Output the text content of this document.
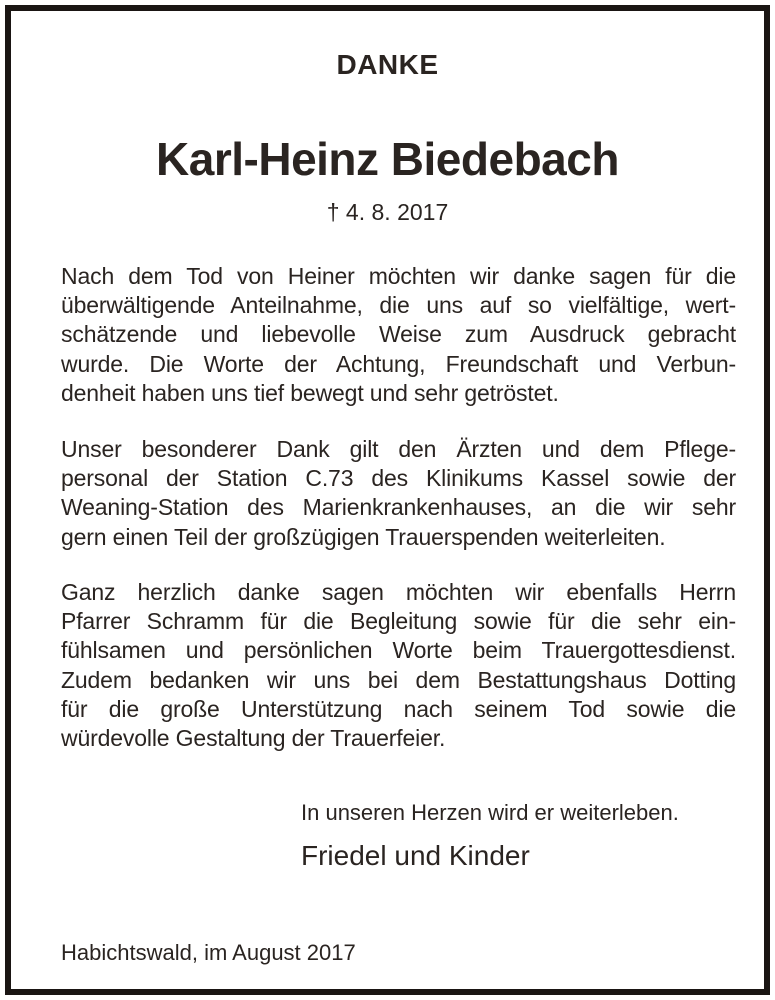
DANKE
Karl-Heinz Biedebach
† 4. 8. 2017
Nach dem Tod von Heiner möchten wir danke sagen für die
überwältigende Anteilnahme, die uns auf so vielfältige, wert-
schätzende und liebevolle Weise zum Ausdruck gebracht
wurde. Die Worte der Achtung, Freundschaft und Verbun-
denheit haben uns tief bewegt und sehr getröstet.
Unser besonderer Dank gilt den Ärzten und dem Pflege-
personal der Station C.73 des Klinikums Kassel sowie der
Weaning-Station des Marienkrankenhauses, an die wir sehr
gern einen Teil der großzügigen Trauerspenden weiterleiten.
Ganz herzlich danke sagen möchten wir ebenfalls Herrn
Pfarrer Schramm für die Begleitung sowie für die sehr ein-
fühlsamen und persönlichen Worte beim Trauergottesdienst.
Zudem bedanken wir uns bei dem Bestattungshaus Dotting
für die große Unterstützung nach seinem Tod sowie die
würdevolle Gestaltung der Trauerfeier.
In unseren Herzen wird er weiterleben.
Friedel und Kinder
Habichtswald, im August 2017
